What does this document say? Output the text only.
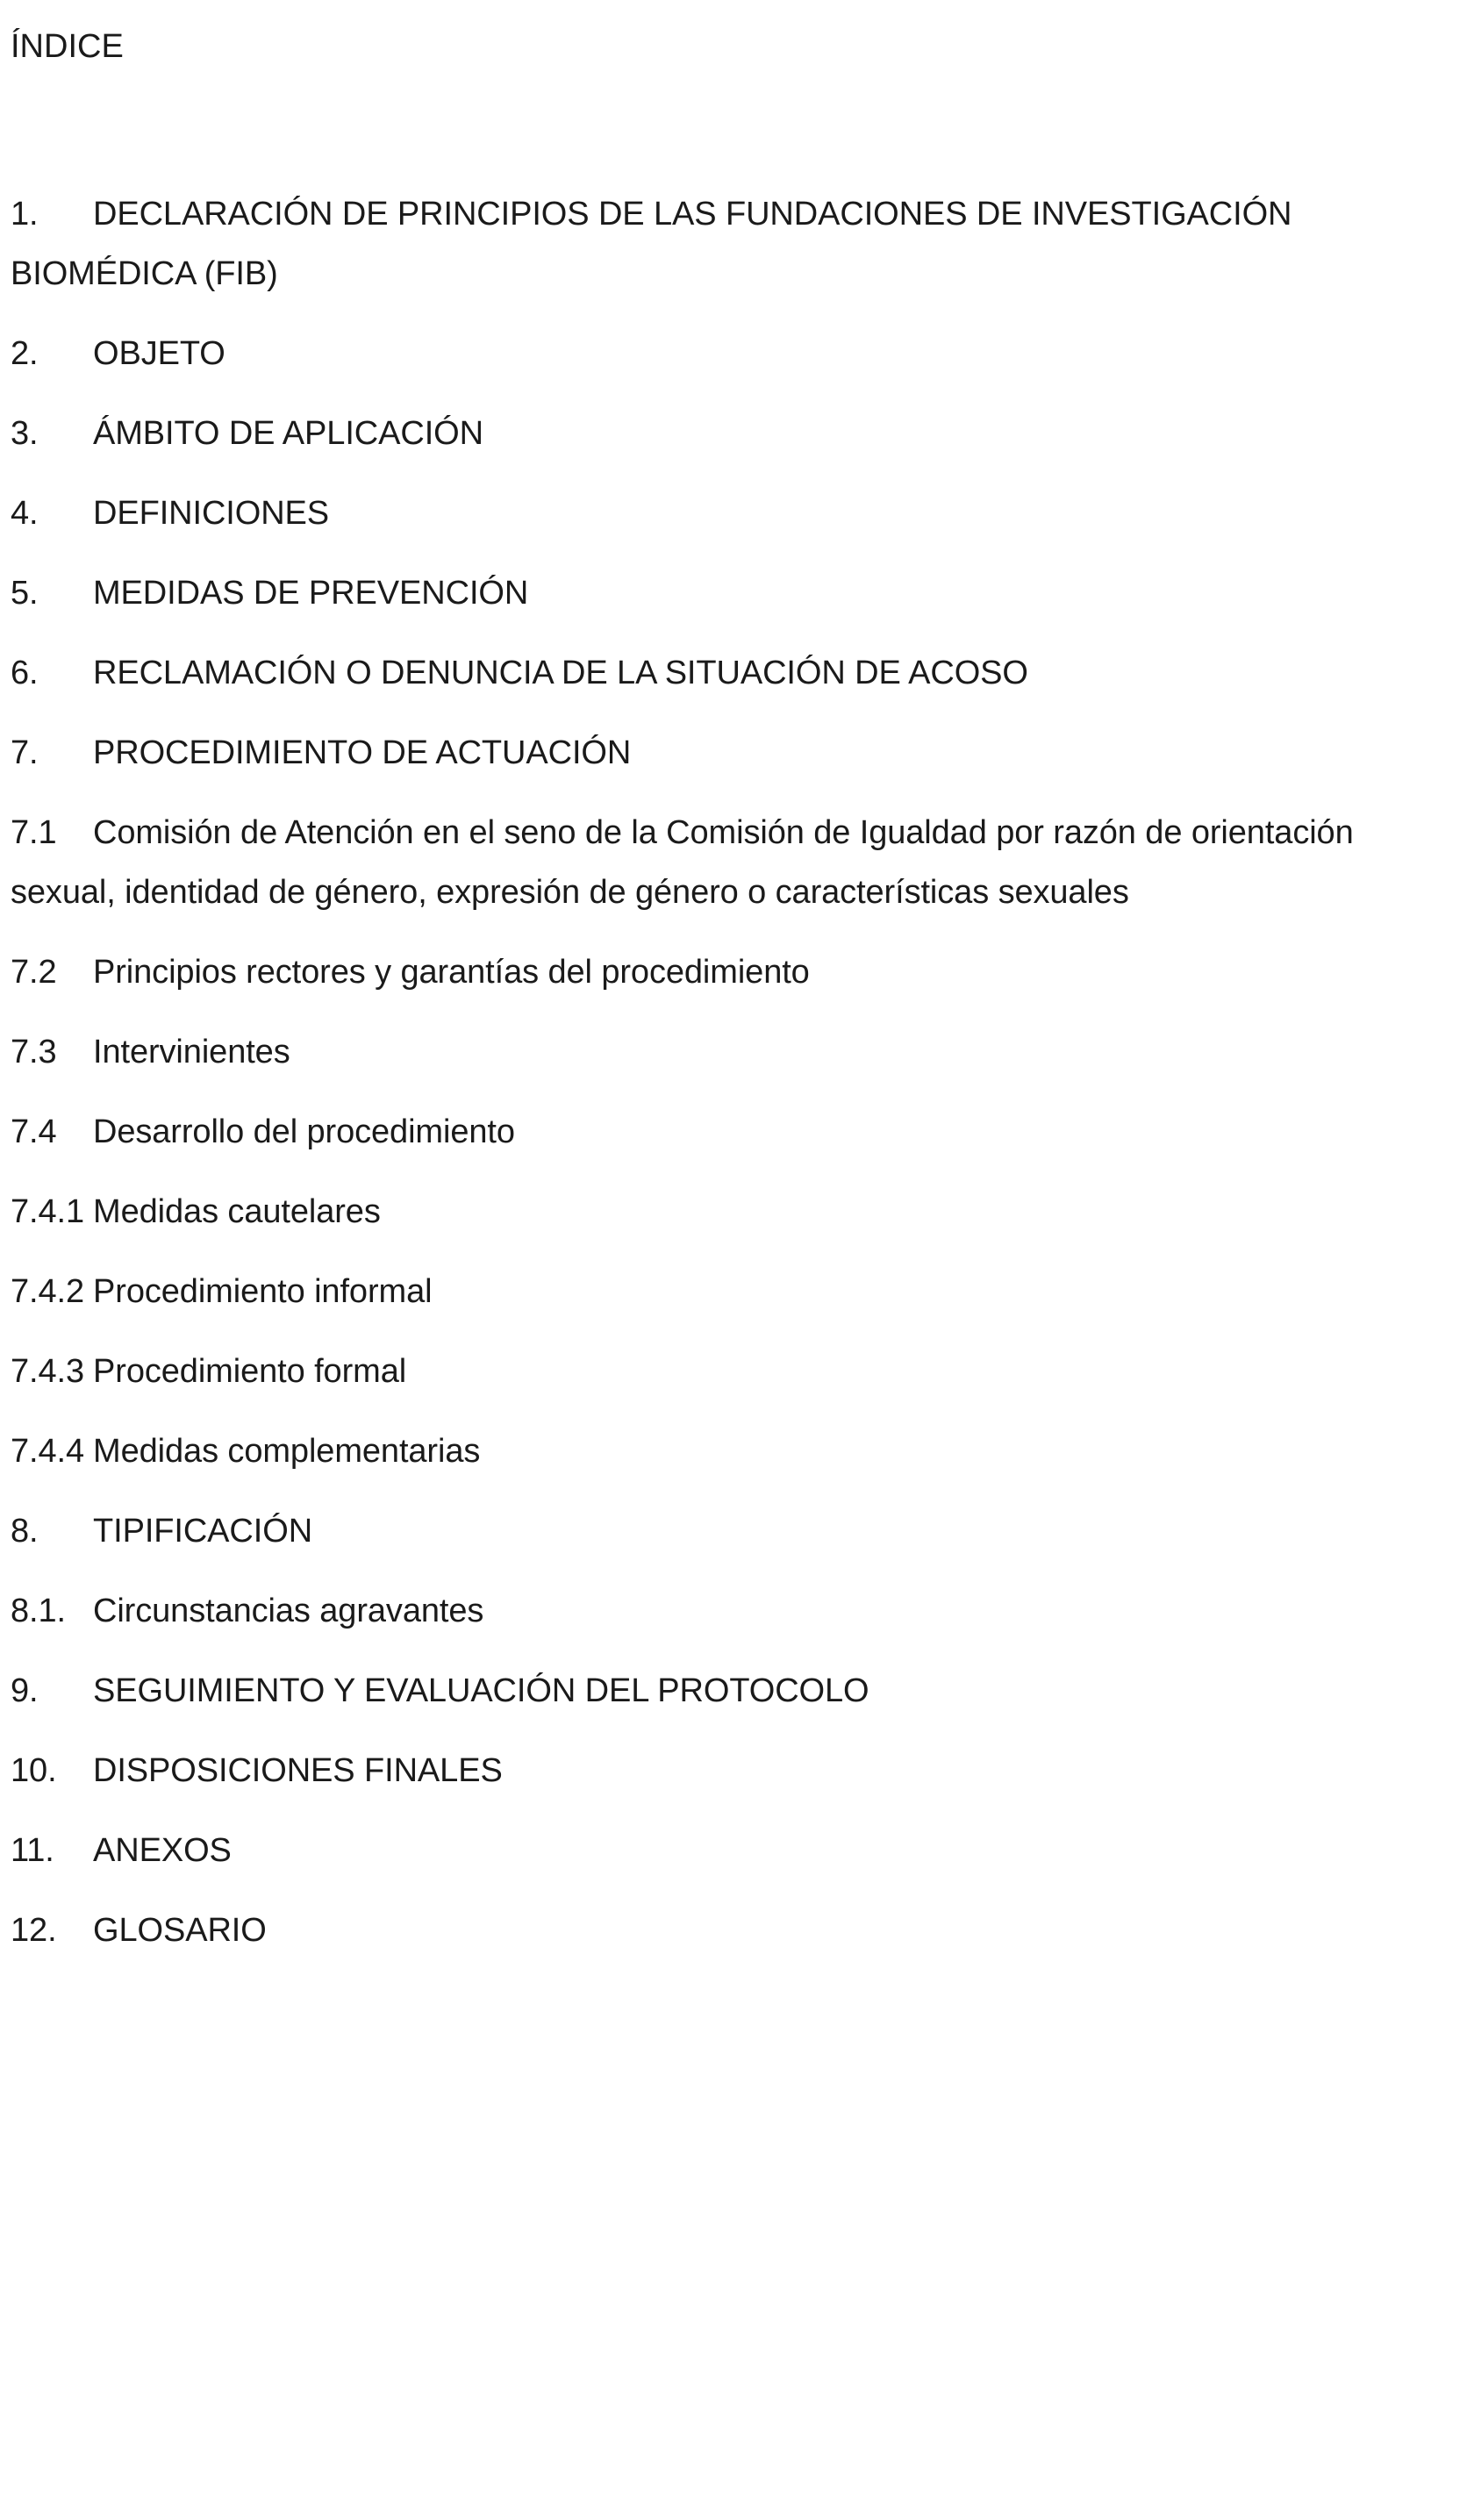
ÍNDICE
1. DECLARACIÓN DE PRINCIPIOS DE LAS FUNDACIONES DE INVESTIGACIÓN BIOMÉDICA (FIB)
2. OBJETO
3. ÁMBITO DE APLICACIÓN
4. DEFINICIONES
5. MEDIDAS DE PREVENCIÓN
6. RECLAMACIÓN O DENUNCIA DE LA SITUACIÓN DE ACOSO
7. PROCEDIMIENTO DE ACTUACIÓN
7.1 Comisión de Atención en el seno de la Comisión de Igualdad por razón de orientación sexual, identidad de género, expresión de género o características sexuales
7.2 Principios rectores y garantías del procedimiento
7.3 Intervinientes
7.4 Desarrollo del procedimiento
7.4.1 Medidas cautelares
7.4.2 Procedimiento informal
7.4.3 Procedimiento formal
7.4.4 Medidas complementarias
8. TIPIFICACIÓN
8.1. Circunstancias agravantes
9. SEGUIMIENTO Y EVALUACIÓN DEL PROTOCOLO
10. DISPOSICIONES FINALES
11. ANEXOS
12. GLOSARIO
